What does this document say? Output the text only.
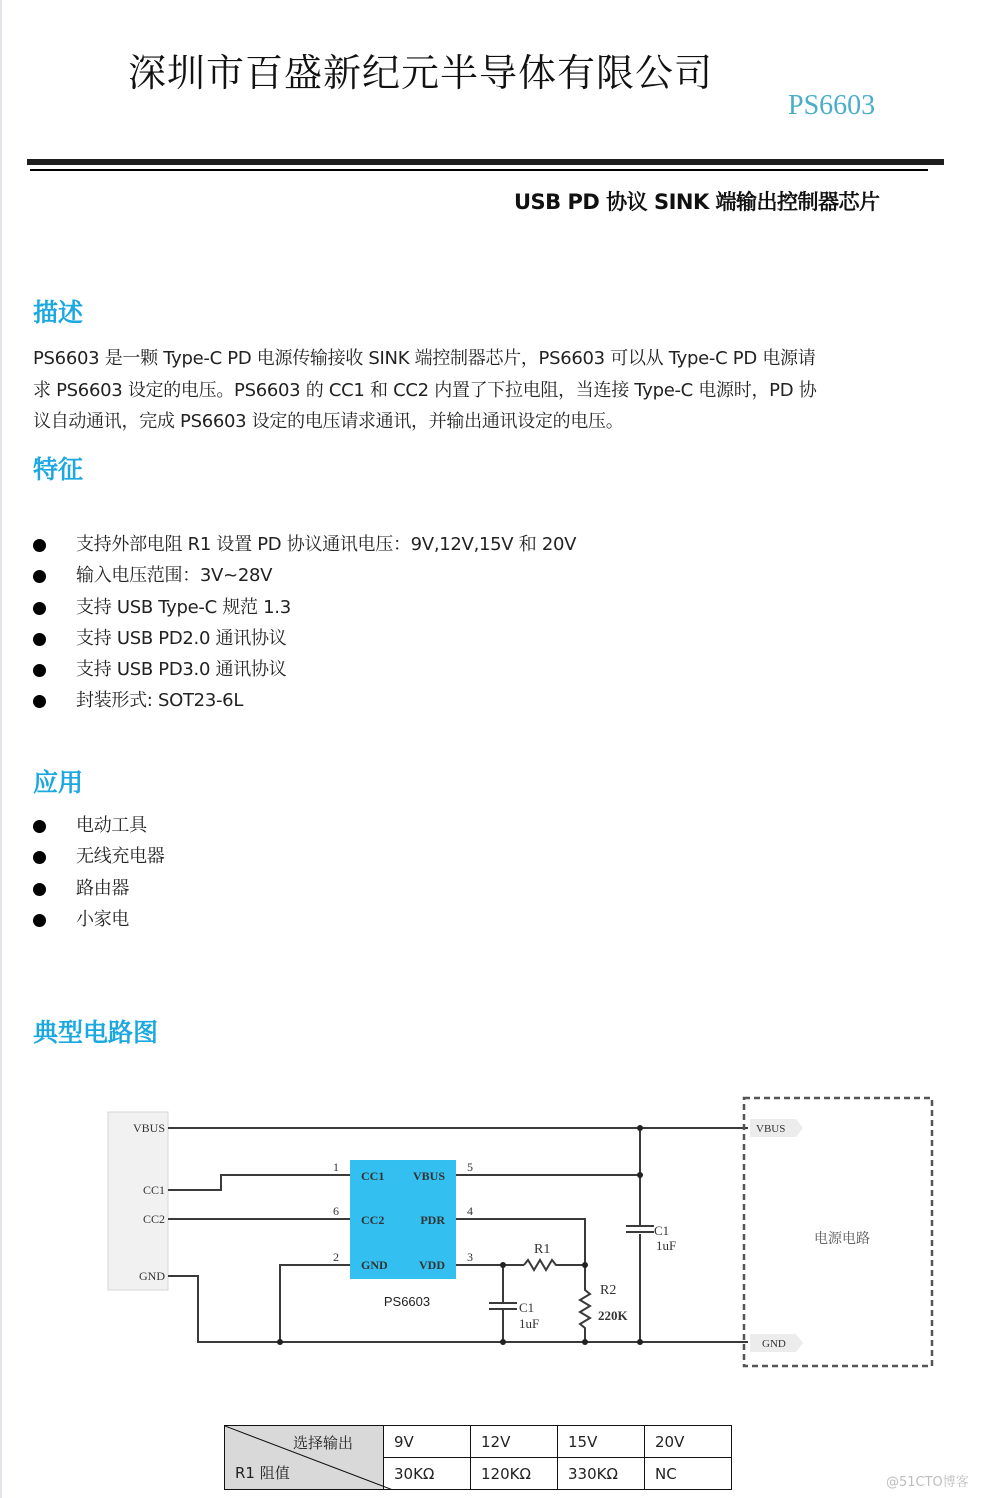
深圳市百盛新纪元半导体有限公司
PS6603
USB PD 协议 SINK 端输出控制器芯片
描述
PS6603 是一颗 Type-C PD 电源传输接收 SINK 端控制器芯片，PS6603 可以从 Type-C PD 电源请
求 PS6603 设定的电压。PS6603 的 CC1 和 CC2 内置了下拉电阻，当连接 Type-C 电源时，PD 协
议自动通讯，完成 PS6603 设定的电压请求通讯，并输出通讯设定的电压。
特征
支持外部电阻 R1 设置 PD 协议通讯电压：9V,12V,15V 和 20V
输入电压范围：3V~28V
支持 USB Type-C 规范 1.3
支持 USB PD2.0 通讯协议
支持 USB PD3.0 通讯协议
封装形式: SOT23-6L
应用
电动工具
无线充电器
路由器
小家电
典型电路图
VBUS
CC1
CC2
GND
1
6
2
5
4
3
CC1
CC2
GND
VBUS
PDR
VDD
PS6603
R1
R2
220K
C1
1uF
C1
1uF
VBUS
GND
电源电路
选择输出
R1 阻值	9V	12V	15V	20V
	30KΩ	120KΩ	330KΩ	NC	@51CTO博客
